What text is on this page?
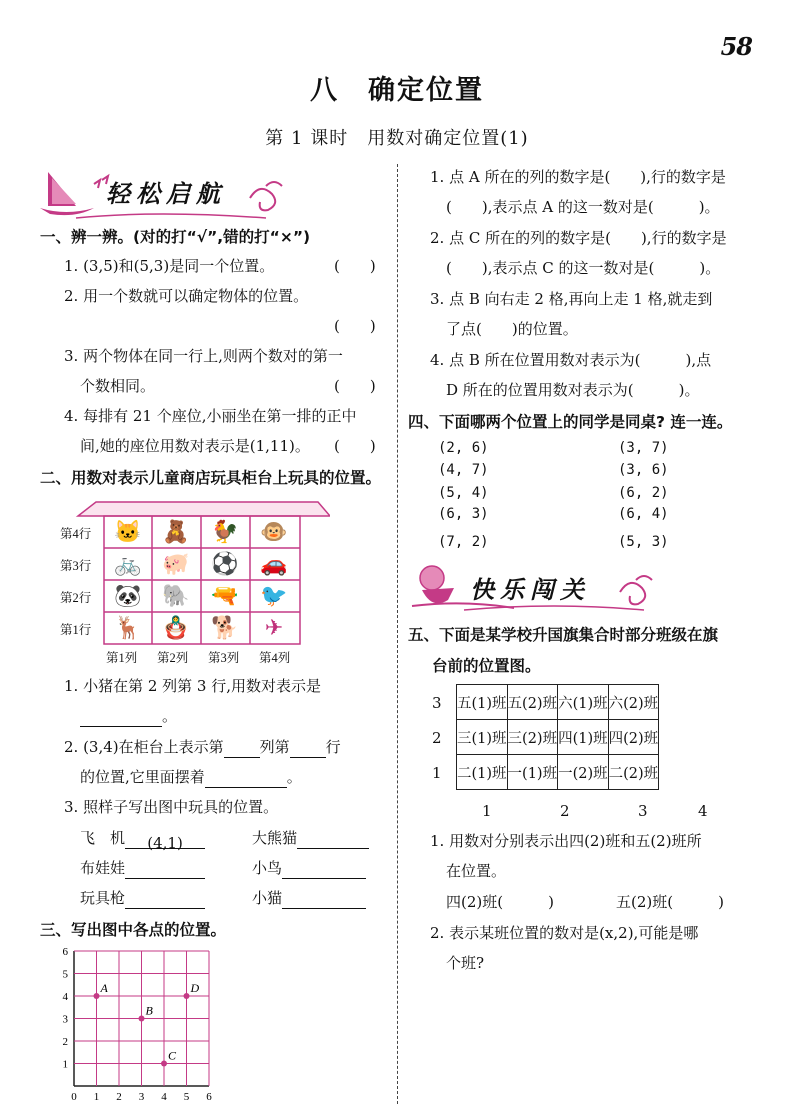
58
八　确定位置
第 1 课时　用数对确定位置(1)
轻松启航
一、辨一辨。(对的打“√”,错的打“×”)
1. (3,5)和(5,3)是同一个位置。	(　　)
2. 用一个数就可以确定物体的位置。
(　　)
3. 两个物体在同一行上,则两个数对的第一
个数相同。	(　　)
4. 每排有 21 个座位,小丽坐在第一排的正中
间,她的座位用数对表示是(1,11)。 (　　)
二、用数对表示儿童商店玩具柜台上玩具的位置。
第4行
第3行
第2行
第1行
第1列 第2列 第3列 第4列
🐱 🧸 🐓 🐵
🚲 🐖 ⚽ 🚗
🐼 🐘 🔫 🐦
🦌 🪆 🐕	✈
1. 小猪在第 2 列第 3 行,用数对表示是
。
2. (3,4)在柜台上表示第 列第 行
的位置,它里面摆着	。
3. 照样子写出图中玩具的位置。
飞　机 (4,1)	大熊猫
布娃娃	小鸟
玩具枪	小猫
三、写出图中各点的位置。
0 1 2 3 4 5 6
1
2
3
4
5
6
A
B
C
D
1. 点 A 所在的列的数字是(　　),行的数字是
(　　),表示点 A 的这一数对是(　　　)。
2. 点 C 所在的列的数字是(　　),行的数字是
(　　),表示点 C 的这一数对是(　　　)。
3. 点 B 向右走 2 格,再向上走 1 格,就走到
了点(　　)的位置。
4. 点 B 所在位置用数对表示为(　　　),点
D 所在的位置用数对表示为(　　　)。
四、下面哪两个位置上的同学是同桌? 连一连。
(2, 6)
(4, 7)
(5, 4)
(6, 3)
(7, 2)
(3, 7)
(3, 6)
(6, 2)
(6, 4)
(5, 3)
快乐闯关
五、下面是某学校升国旗集合时部分班级在旗
台前的位置图。
3
2
1
五(1)班	五(2)班	六(1)班	六(2)班
三(1)班	三(2)班	四(1)班	四(2)班
二(1)班	一(1)班	一(2)班	二(2)班
1	2	3	4
1. 用数对分别表示出四(2)班和五(2)班所
在位置。
四(2)班(　　　)	五(2)班(　　　)
2. 表示某班位置的数对是(x,2),可能是哪
个班?
